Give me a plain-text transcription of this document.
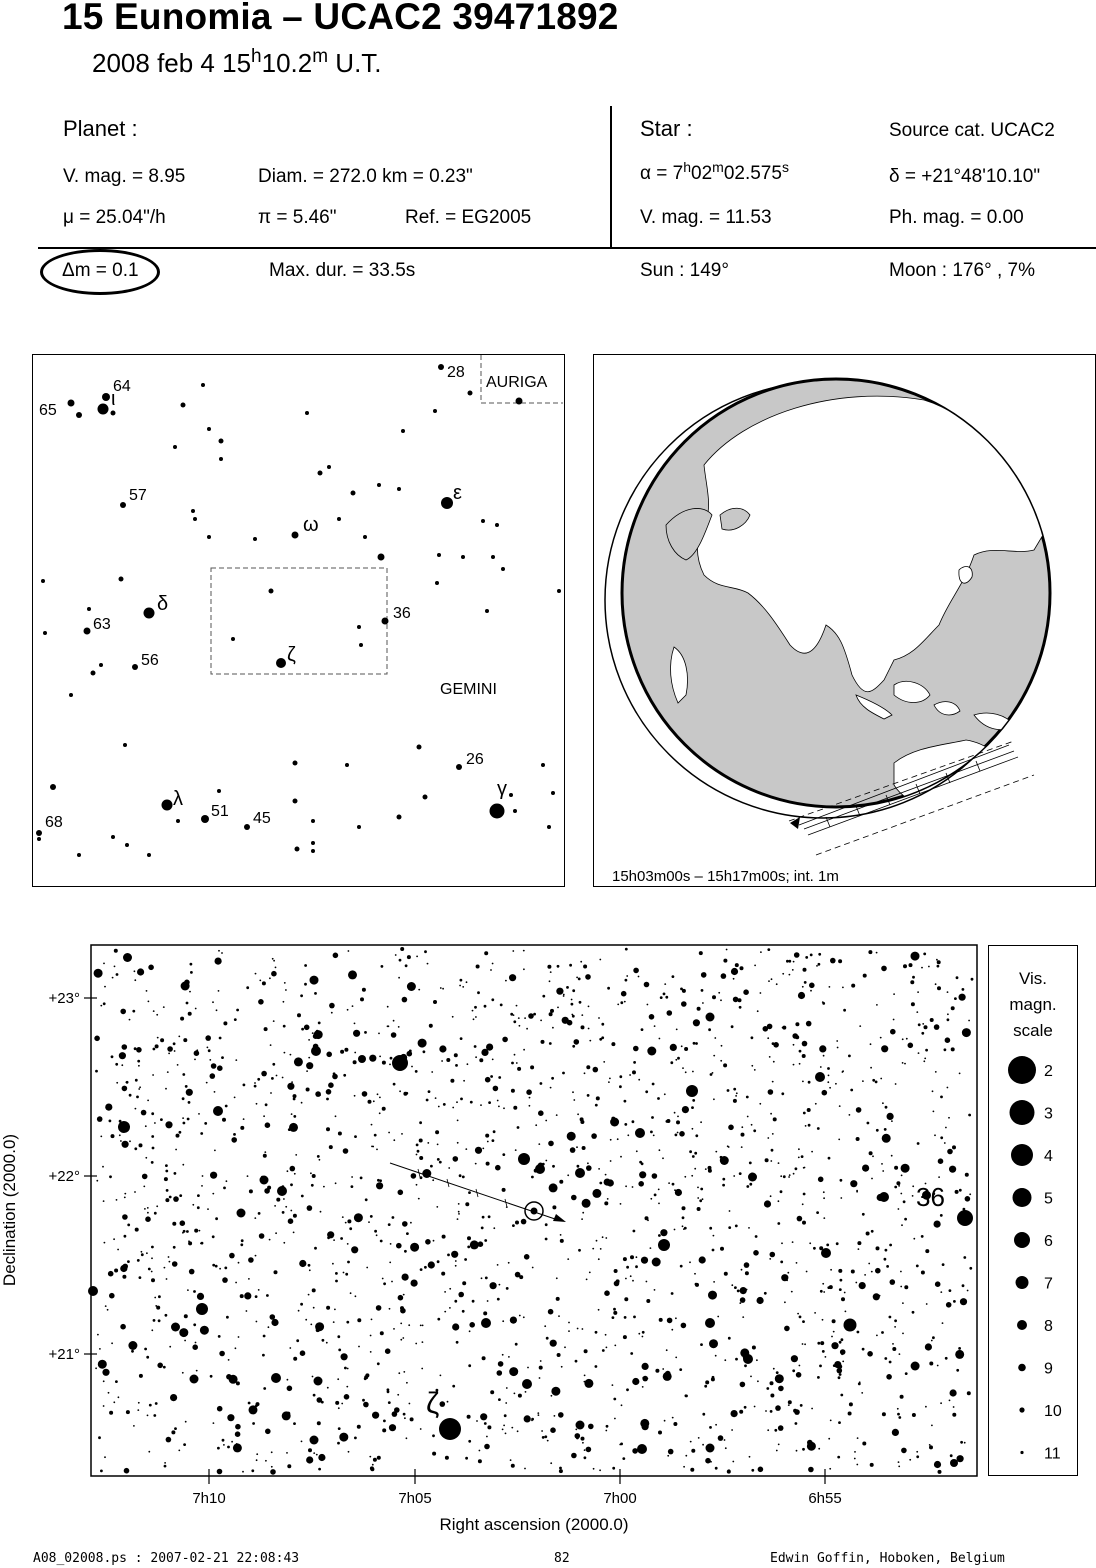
15 Eunomia – UCAC2 39471892
2008 feb 4 15$^h$10.2$^m$ U.T.
Planet :
V. mag. = 8.95	Diam. = 272.0 km = 0.23"
μ = 25.04"/h	π = 5.46"	Ref. = EG2005
Star :	Source cat. UCAC2
$\alpha = 7^h02^m02.575^s$	δ = +21°48'10.10"
V. mag. = 11.53	Ph. mag. = 0.00
Δm = 0.1	Max. dur. = 33.5s	Sun : 149°	Moon : 176° , 7%
64
65
ι
28
AURIGA
57	ε
ω
δ
63
36
56	ζ
GEMINI
26
γ
λ
51 45
68
15h03m00s – 15h17m00s; int. 1m
+23°
+22°
+21°
7h10	7h05	7h00	6h55
Right ascension (2000.0)
Declination (2000.0)	36
ζ
Vis.
magn.
scale
2
3
4
5
6
7
8
9
10
11
A08_02008.ps : 2007-02-21 22:08:43	82	Edwin Goffin, Hoboken, Belgium
